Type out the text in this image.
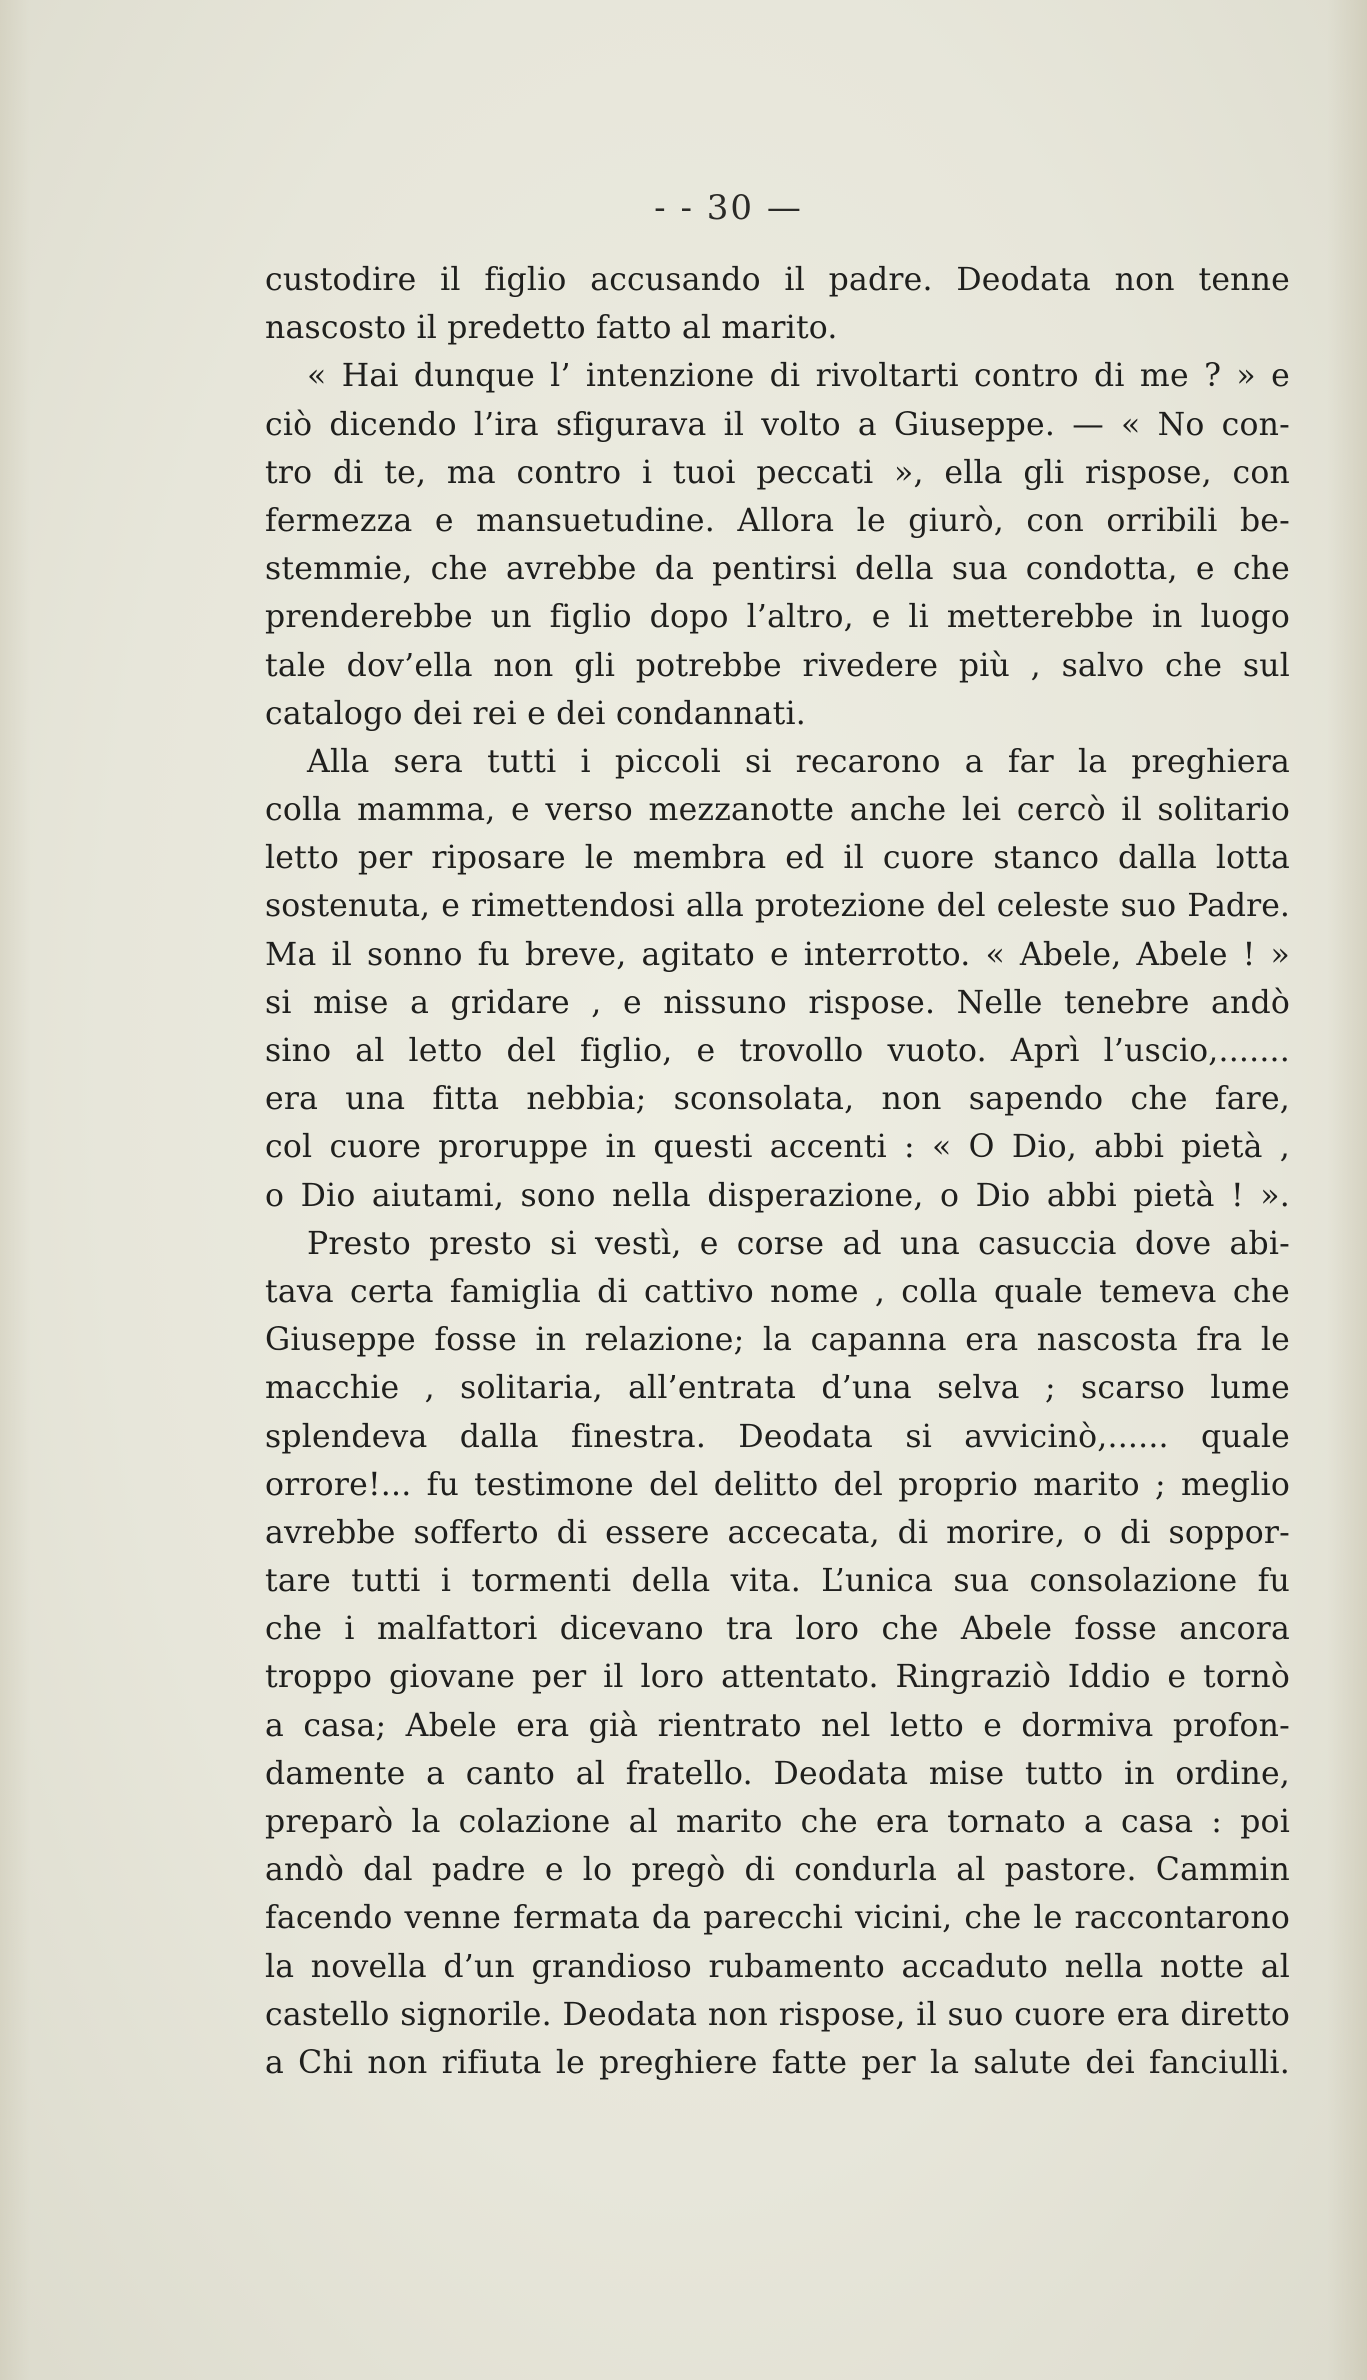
- - 30 —
custodire il figlio accusando il padre. Deodata non tenne
nascosto il predetto fatto al marito.
« Hai dunque l’ intenzione di rivoltarti contro di me ? » e
ciò dicendo l’ira sfigurava il volto a Giuseppe. — « No con-
tro di te, ma contro i tuoi peccati », ella gli rispose, con
fermezza e mansuetudine. Allora le giurò, con orribili be-
stemmie, che avrebbe da pentirsi della sua condotta, e che
prenderebbe un figlio dopo l’altro, e li metterebbe in luogo
tale dov’ella non gli potrebbe rivedere più , salvo che sul
catalogo dei rei e dei condannati.
Alla sera tutti i piccoli si recarono a far la preghiera
colla mamma, e verso mezzanotte anche lei cercò il solitario
letto per riposare le membra ed il cuore stanco dalla lotta
sostenuta, e rimettendosi alla protezione del celeste suo Padre.
Ma il sonno fu breve, agitato e interrotto. « Abele, Abele ! »
si mise a gridare , e nissuno rispose. Nelle tenebre andò
sino al letto del figlio, e trovollo vuoto. Aprì l’uscio,.......
era una fitta nebbia; sconsolata, non sapendo che fare,
col cuore proruppe in questi accenti : « O Dio, abbi pietà ,
o Dio aiutami, sono nella disperazione, o Dio abbi pietà ! ».
Presto presto si vestì, e corse ad una casuccia dove abi-
tava certa famiglia di cattivo nome , colla quale temeva che
Giuseppe fosse in relazione; la capanna era nascosta fra le
macchie , solitaria, all’entrata d’una selva ; scarso lume
splendeva dalla finestra. Deodata si avvicinò,...... quale
orrore!... fu testimone del delitto del proprio marito ; meglio
avrebbe sofferto di essere accecata, di morire, o di soppor-
tare tutti i tormenti della vita. L’unica sua consolazione fu
che i malfattori dicevano tra loro che Abele fosse ancora
troppo giovane per il loro attentato. Ringraziò Iddio e tornò
a casa; Abele era già rientrato nel letto e dormiva profon-
damente a canto al fratello. Deodata mise tutto in ordine,
preparò la colazione al marito che era tornato a casa : poi
andò dal padre e lo pregò di condurla al pastore. Cammin
facendo venne fermata da parecchi vicini, che le raccontarono
la novella d’un grandioso rubamento accaduto nella notte al
castello signorile. Deodata non rispose, il suo cuore era diretto
a Chi non rifiuta le preghiere fatte per la salute dei fanciulli.
